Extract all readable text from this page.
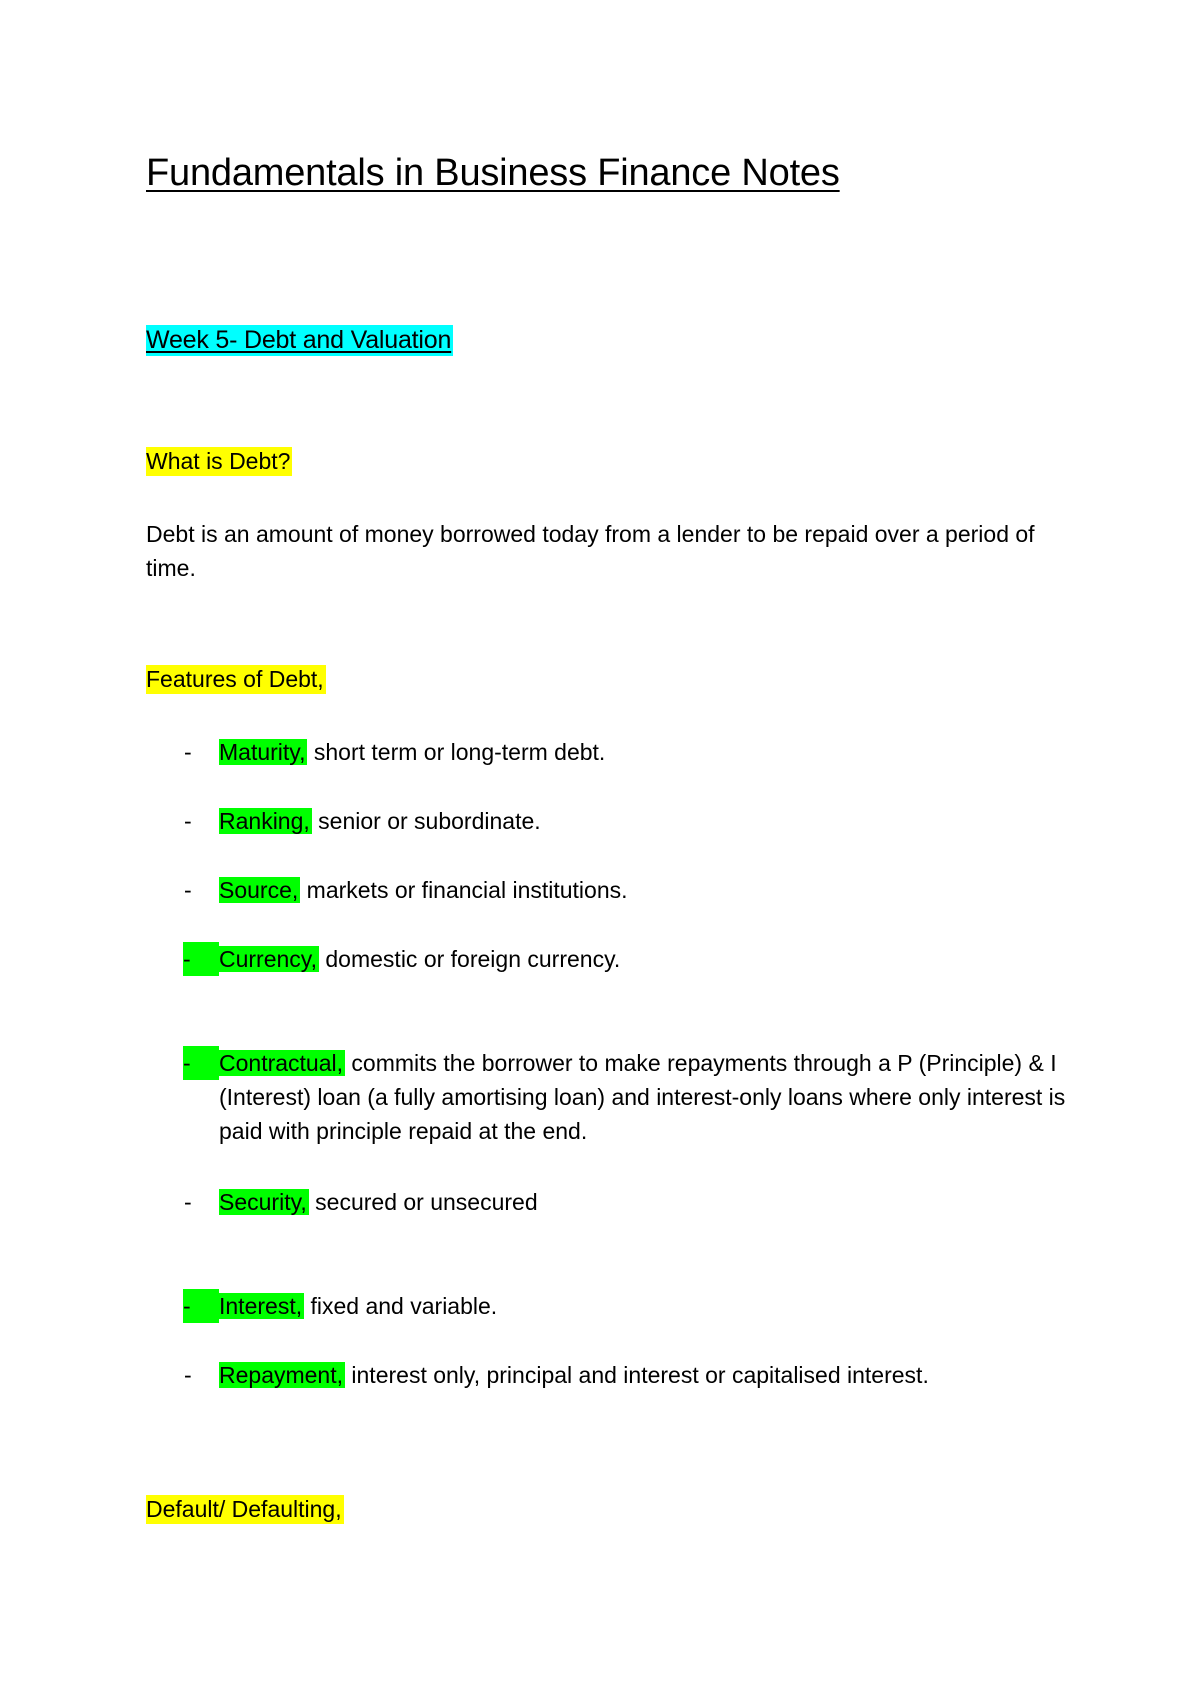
Fundamentals in Business Finance Notes
Week 5- Debt and Valuation
What is Debt?
Debt is an amount of money borrowed today from a lender to be repaid over a period of time.
Features of Debt,
- Maturity, short term or long-term debt.
- Ranking, senior or subordinate.
- Source, markets or financial institutions.
- Currency, domestic or foreign currency.
-	Contractual, commits the borrower to make repayments through a P (Principle) & I (Interest) loan (a fully amortising loan) and interest-only loans where only interest is paid with principle repaid at the end.
- Security, secured or unsecured
- Interest, fixed and variable.
- Repayment, interest only, principal and interest or capitalised interest.
Default/ Defaulting,
